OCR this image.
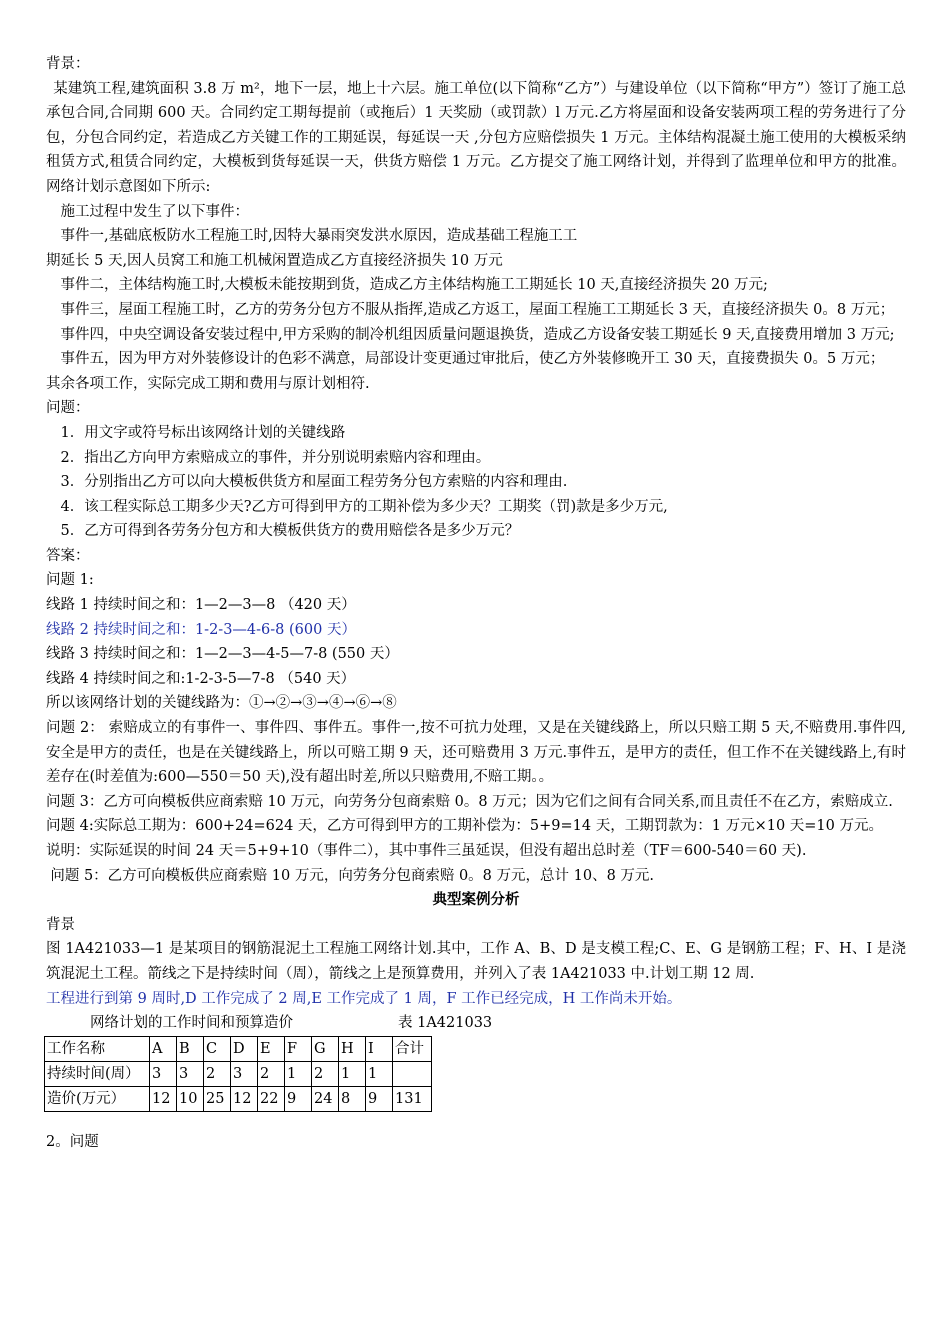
背景：

某建筑工程,建筑面积 3.8 万 m²，地下一层，地上十六层。施工单位(以下简称“乙方”）与建设单位（以下简称“甲方”）签订了施工总承包合同,合同期 600 天。合同约定工期每提前（或拖后）1 天奖励（或罚款）l 万元.乙方将屋面和设备安装两项工程的劳务进行了分包，分包合同约定，若造成乙方关键工作的工期延误，每延误一天 ,分包方应赔偿损失 1 万元。主体结构混凝土施工使用的大模板采纳租赁方式,租赁合同约定，大模板到货每延误一天，供货方赔偿 1 万元。乙方提交了施工网络计划，并得到了监理单位和甲方的批准。网络计划示意图如下所示:

施工过程中发生了以下事件：

事件一,基础底板防水工程施工时,因特大暴雨突发洪水原因，造成基础工程施工工

期延长 5 天,因人员窝工和施工机械闲置造成乙方直接经济损失 10 万元

事件二，主体结构施工时,大模板未能按期到货，造成乙方主体结构施工工期延长 10 天,直接经济损失 20 万元;

事件三，屋面工程施工时，乙方的劳务分包方不服从指挥,造成乙方返工，屋面工程施工工期延长 3 天，直接经济损失 0。8 万元；

事件四，中央空调设备安装过程中,甲方采购的制冷机组因质量问题退换货，造成乙方设备安装工期延长 9 天,直接费用增加 3 万元;

事件五，因为甲方对外装修设计的色彩不满意，局部设计变更通过审批后，使乙方外装修晚开工 30 天，直接费损失 0。5 万元；

其余各项工作，实际完成工期和费用与原计划相符.

问题：

1．用文字或符号标出该网络计划的关键线路

2．指出乙方向甲方索赔成立的事件，并分别说明索赔内容和理由。

3．分别指出乙方可以向大模板供货方和屋面工程劳务分包方索赔的内容和理由.

4．该工程实际总工期多少天?乙方可得到甲方的工期补偿为多少天？工期奖（罚)款是多少万元,

5．乙方可得到各劳务分包方和大模板供货方的费用赔偿各是多少万元？

答案：

问题 1:

线路 1 持续时间之和：1—2—3—8 （420 天）

线路 2 持续时间之和：1-2-3—4-6-8 (600 天）

线路 3 持续时间之和：1—2—3—4-5—7-8 (550 天）

线路 4 持续时间之和:1-2-3-5—7-8 （540 天）

所以该网络计划的关键线路为：①→②→③→④→⑥→⑧

问题 2： 索赔成立的有事件一、事件四、事件五。事件一,按不可抗力处理，又是在关键线路上，所以只赔工期 5 天,不赔费用.事件四,安全是甲方的责任，也是在关键线路上，所以可赔工期 9 天，还可赔费用 3 万元.事件五，是甲方的责任，但工作不在关键线路上,有时差存在(时差值为:600—550＝50 天),没有超出时差,所以只赔费用,不赔工期。。

问题 3：乙方可向模板供应商索赔 10 万元，向劳务分包商索赔 0。8 万元；因为它们之间有合同关系,而且责任不在乙方，索赔成立.

问题 4:实际总工期为：600+24=624 天，乙方可得到甲方的工期补偿为：5+9=14 天，工期罚款为：1 万元×10 天=10 万元。

说明：实际延误的时间 24 天＝5+9+10（事件二），其中事件三虽延误，但没有超出总时差（TF＝600-540＝60 天).

问题 5：乙方可向模板供应商索赔 10 万元，向劳务分包商索赔 0。8 万元，总计 10、8 万元.

典型案例分析

背景

图 1A421033—1 是某项目的钢筋混泥土工程施工网络计划.其中，工作 A、B、D 是支模工程;C、E、G 是钢筋工程；F、H、I 是浇筑混泥土工程。箭线之下是持续时间（周），箭线之上是预算费用，并列入了表 1A421033 中.计划工期 12 周.

工程进行到第 9 周时,D 工作完成了 2 周,E 工作完成了 1 周，F 工作已经完成，H 工作尚未开始。

网络计划的工作时间和预算造价	表 1A421033
工作名称	A	B	C	D	E	F	G	H	I	合计
持续时间(周）	3	3	2	3	2	1	2	1	1	
造价(万元）	12	10	25	12	22	9	24	8	9	131

2。问题
